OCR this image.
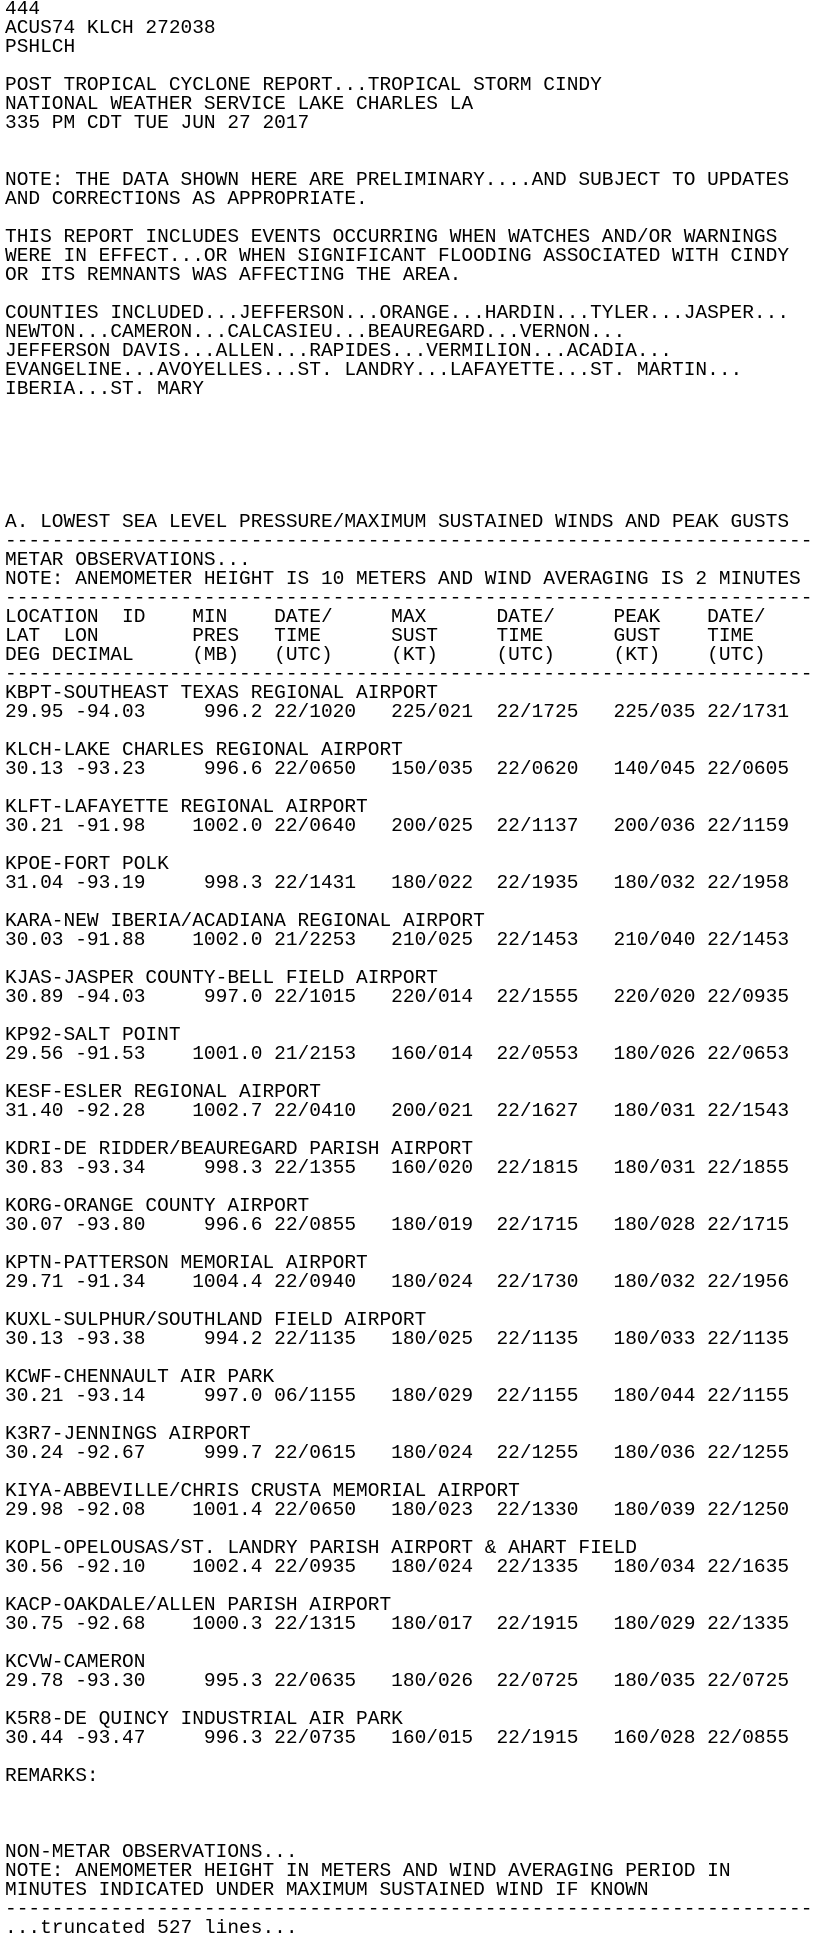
444
ACUS74 KLCH 272038
PSHLCH

POST TROPICAL CYCLONE REPORT...TROPICAL STORM CINDY
NATIONAL WEATHER SERVICE LAKE CHARLES LA
335 PM CDT TUE JUN 27 2017

NOTE: THE DATA SHOWN HERE ARE PRELIMINARY....AND SUBJECT TO UPDATES
AND CORRECTIONS AS APPROPRIATE.

THIS REPORT INCLUDES EVENTS OCCURRING WHEN WATCHES AND/OR WARNINGS
WERE IN EFFECT...OR WHEN SIGNIFICANT FLOODING ASSOCIATED WITH CINDY
OR ITS REMNANTS WAS AFFECTING THE AREA.

COUNTIES INCLUDED...JEFFERSON...ORANGE...HARDIN...TYLER...JASPER...
NEWTON...CAMERON...CALCASIEU...BEAUREGARD...VERNON...
JEFFERSON DAVIS...ALLEN...RAPIDES...VERMILION...ACADIA...
EVANGELINE...AVOYELLES...ST. LANDRY...LAFAYETTE...ST. MARTIN...
IBERIA...ST. MARY

A. LOWEST SEA LEVEL PRESSURE/MAXIMUM SUSTAINED WINDS AND PEAK GUSTS
---------------------------------------------------------------------
METAR OBSERVATIONS...
NOTE: ANEMOMETER HEIGHT IS 10 METERS AND WIND AVERAGING IS 2 MINUTES
---------------------------------------------------------------------
LOCATION  ID    MIN    DATE/     MAX      DATE/     PEAK    DATE/
LAT  LON        PRES   TIME      SUST     TIME      GUST    TIME
DEG DECIMAL     (MB)   (UTC)     (KT)     (UTC)     (KT)    (UTC)
---------------------------------------------------------------------
KBPT-SOUTHEAST TEXAS REGIONAL AIRPORT
29.95 -94.03     996.2 22/1020   225/021  22/1725   225/035 22/1731

KLCH-LAKE CHARLES REGIONAL AIRPORT
30.13 -93.23     996.6 22/0650   150/035  22/0620   140/045 22/0605

KLFT-LAFAYETTE REGIONAL AIRPORT
30.21 -91.98    1002.0 22/0640   200/025  22/1137   200/036 22/1159

KPOE-FORT POLK
31.04 -93.19     998.3 22/1431   180/022  22/1935   180/032 22/1958

KARA-NEW IBERIA/ACADIANA REGIONAL AIRPORT
30.03 -91.88    1002.0 21/2253   210/025  22/1453   210/040 22/1453

KJAS-JASPER COUNTY-BELL FIELD AIRPORT
30.89 -94.03     997.0 22/1015   220/014  22/1555   220/020 22/0935

KP92-SALT POINT
29.56 -91.53    1001.0 21/2153   160/014  22/0553   180/026 22/0653

KESF-ESLER REGIONAL AIRPORT
31.40 -92.28    1002.7 22/0410   200/021  22/1627   180/031 22/1543

KDRI-DE RIDDER/BEAUREGARD PARISH AIRPORT
30.83 -93.34     998.3 22/1355   160/020  22/1815   180/031 22/1855

KORG-ORANGE COUNTY AIRPORT
30.07 -93.80     996.6 22/0855   180/019  22/1715   180/028 22/1715

KPTN-PATTERSON MEMORIAL AIRPORT
29.71 -91.34    1004.4 22/0940   180/024  22/1730   180/032 22/1956

KUXL-SULPHUR/SOUTHLAND FIELD AIRPORT
30.13 -93.38     994.2 22/1135   180/025  22/1135   180/033 22/1135

KCWF-CHENNAULT AIR PARK
30.21 -93.14     997.0 06/1155   180/029  22/1155   180/044 22/1155

K3R7-JENNINGS AIRPORT
30.24 -92.67     999.7 22/0615   180/024  22/1255   180/036 22/1255

KIYA-ABBEVILLE/CHRIS CRUSTA MEMORIAL AIRPORT
29.98 -92.08    1001.4 22/0650   180/023  22/1330   180/039 22/1250

KOPL-OPELOUSAS/ST. LANDRY PARISH AIRPORT & AHART FIELD
30.56 -92.10    1002.4 22/0935   180/024  22/1335   180/034 22/1635

KACP-OAKDALE/ALLEN PARISH AIRPORT
30.75 -92.68    1000.3 22/1315   180/017  22/1915   180/029 22/1335

KCVW-CAMERON
29.78 -93.30     995.3 22/0635   180/026  22/0725   180/035 22/0725

K5R8-DE QUINCY INDUSTRIAL AIR PARK
30.44 -93.47     996.3 22/0735   160/015  22/1915   160/028 22/0855

REMARKS:

NON-METAR OBSERVATIONS...
NOTE: ANEMOMETER HEIGHT IN METERS AND WIND AVERAGING PERIOD IN
MINUTES INDICATED UNDER MAXIMUM SUSTAINED WIND IF KNOWN
---------------------------------------------------------------------
...truncated 527 lines...
